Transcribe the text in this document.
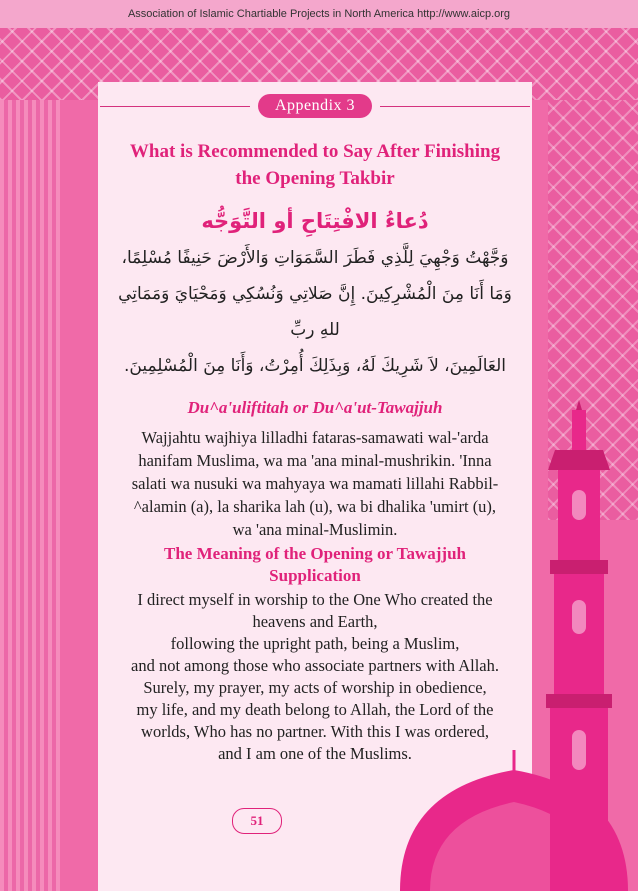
Association of Islamic Chartiable Projects in North America http://www.aicp.org
Appendix 3
What is Recommended to Say After Finishing
the Opening Takbir
دُعاءُ الافْتِتَاحِ أو التَّوَجُّه
وَجَّهْتُ وَجْهِيَ لِلَّذِي فَطَرَ السَّمَوَاتِ وَالأَرْضَ حَنِيفًا مُسْلِمًا،
وَمَا أَنَا مِنَ الْمُشْرِكِينَ. إِنَّ صَلاتِي وَنُسُكِي وَمَحْيَايَ وَمَمَاتِي للهِ ربِّ
العَالَمِينَ، لاَ شَرِيكَ لَهُ، وَبِذَلِكَ أُمِرْتُ، وَأَنَا مِنَ الْمُسْلِمِينَ.
Du^a'uliftitah or Du^a'ut-Tawajjuh
Wajjahtu wajhiya lilladhi fataras-samawati wal-'arda
hanifam Muslima, wa ma 'ana minal-mushrikin. 'Inna
salati wa nusuki wa mahyaya wa mamati lillahi Rabbil-
^alamin (a), la sharika lah (u), wa bi dhalika 'umirt (u),
wa 'ana minal-Muslimin.
The Meaning of the Opening or Tawajjuh
Supplication
I direct myself in worship to the One Who created the
heavens and Earth,
following the upright path, being a Muslim,
and not among those who associate partners with Allah.
Surely, my prayer, my acts of worship in obedience,
my life, and my death belong to Allah, the Lord of the
worlds, Who has no partner. With this I was ordered,
and I am one of the Muslims.
51
